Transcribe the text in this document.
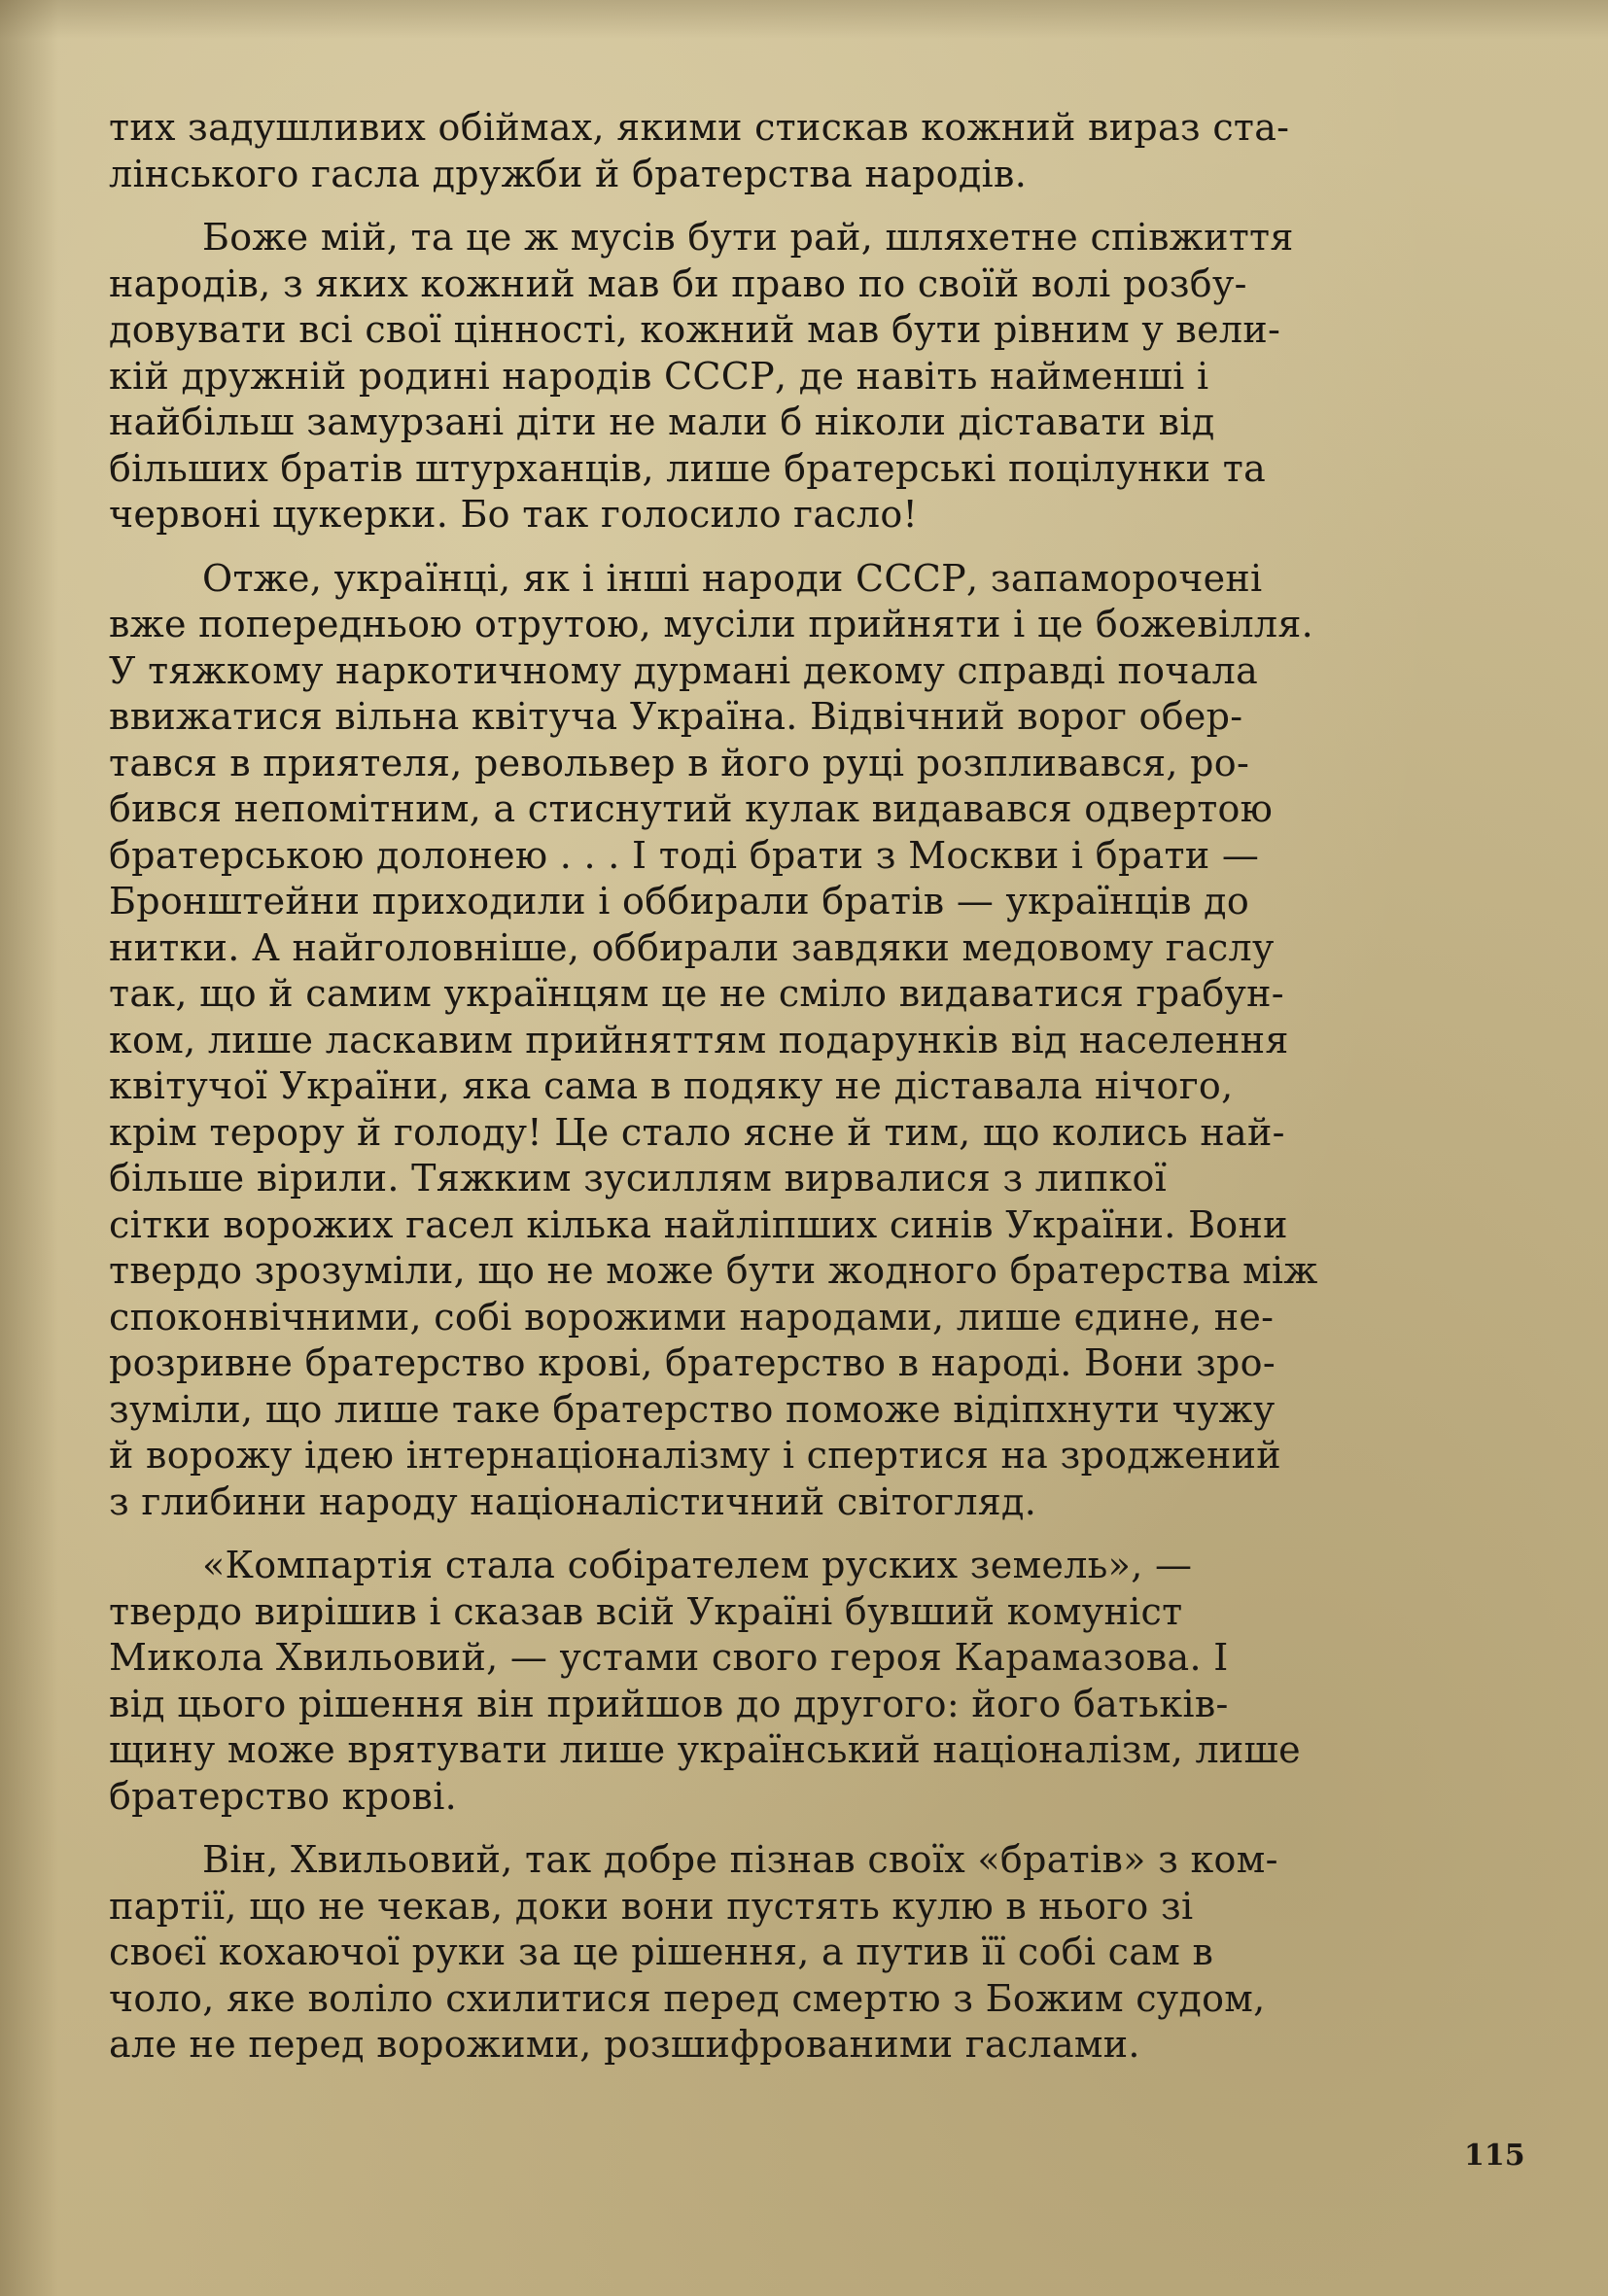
тих задушливих обіймах, якими стискав кожний вираз ста-
лінського гасла дружби й братерства народів.

Боже мій, та це ж мусів бути рай, шляхетне співжиття
народів, з яких кожний мав би право по своїй волі розбу-
довувати всі свої цінності, кожний мав бути рівним у вели-
кій дружній родині народів СССР, де навіть найменші і
найбільш замурзані діти не мали б ніколи діставати від
більших братів штурханців, лише братерські поцілунки та
червоні цукерки. Бо так голосило гасло!

Отже, українці, як і інші народи СССР, запаморочені
вже попередньою отрутою, мусіли прийняти і це божевілля.
У тяжкому наркотичному дурмані декому справді почала
ввижатися вільна квітуча Україна. Відвічний ворог обер-
тався в приятеля, револьвер в його руці розпливався, ро-
бився непомітним, а стиснутий кулак видавався одвертою
братерською долонею . . . І тоді брати з Москви і брати —
Бронштейни приходили і оббирали братів — українців до
нитки. А найголовніше, оббирали завдяки медовому гаслу
так, що й самим українцям це не сміло видаватися грабун-
ком, лише ласкавим прийняттям подарунків від населення
квітучої України, яка сама в подяку не діставала нічого,
крім терору й голоду! Це стало ясне й тим, що колись най-
більше вірили. Тяжким зусиллям вирвалися з липкої
сітки ворожих гасел кілька найліпших синів України. Вони
твердо зрозуміли, що не може бути жодного братерства між
споконвічними, собі ворожими народами, лише єдине, не-
розривне братерство крові, братерство в народі. Вони зро-
зуміли, що лише таке братерство поможе відіпхнути чужу
й ворожу ідею інтернаціоналізму і спертися на зроджений
з глибини народу націоналістичний світогляд.

«Компартія стала собірателем руских земель», —
твердо вирішив і сказав всій Україні бувший комуніст
Микола Хвильовий, — устами свого героя Карамазова. І
від цього рішення він прийшов до другого: його батьків-
щину може врятувати лише український націоналізм, лише
братерство крові.

Він, Хвильовий, так добре пізнав своїх «братів» з ком-
партії, що не чекав, доки вони пустять кулю в нього зі
своєї кохаючої руки за це рішення, а путив її собі сам в
чоло, яке воліло схилитися перед смертю з Божим судом,
але не перед ворожими, розшифрованими гаслами.

115
